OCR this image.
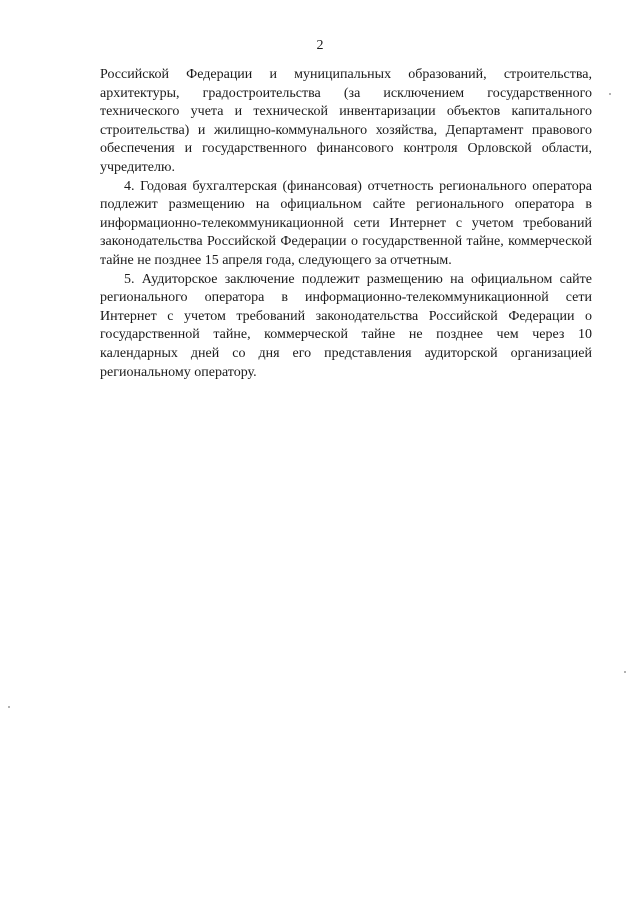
2

Российской Федерации и муниципальных образований, строительства, архитектуры, градостроительства (за исключением государственного технического учета и технической инвентаризации объектов капитального строительства) и жилищно-коммунального хозяйства, Департамент правового обеспечения и государственного финансового контроля Орловской области, учредителю.

4. Годовая бухгалтерская (финансовая) отчетность регионального оператора подлежит размещению на официальном сайте регионального оператора в информационно-телекоммуникационной сети Интернет с учетом требований законодательства Российской Федерации о государственной тайне, коммерческой тайне не позднее 15 апреля года, следующего за отчетным.

5. Аудиторское заключение подлежит размещению на официальном сайте регионального оператора в информационно-телекоммуникационной сети Интернет с учетом требований законодательства Российской Федерации о государственной тайне, коммерческой тайне не позднее чем через 10 календарных дней со дня его представления аудиторской организацией региональному оператору.
